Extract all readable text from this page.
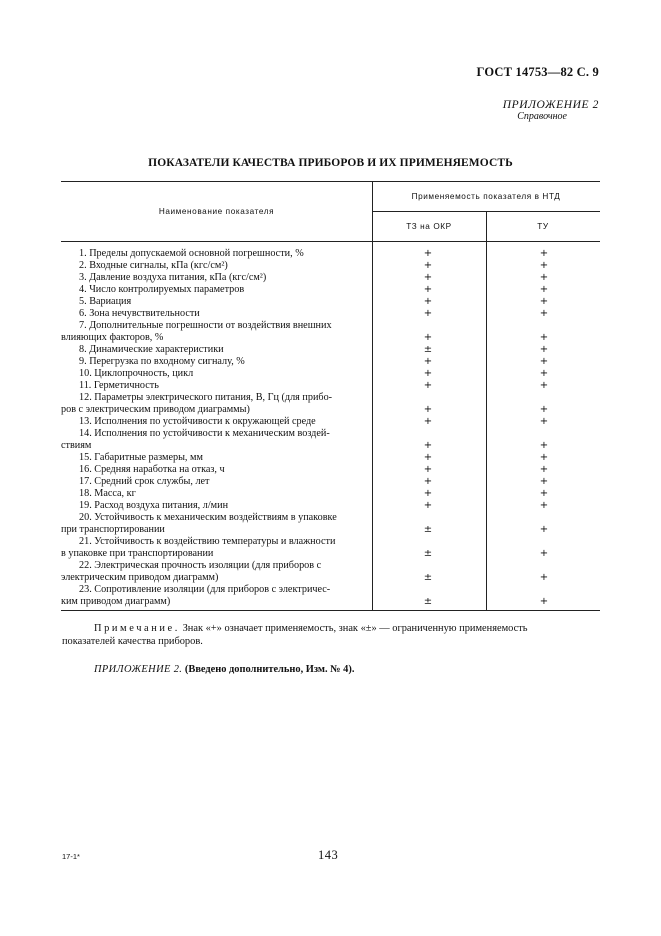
ГОСТ 14753—82 С. 9
ПРИЛОЖЕНИЕ 2
Справочное
ПОКАЗАТЕЛИ КАЧЕСТВА ПРИБОРОВ И ИХ ПРИМЕНЯЕМОСТЬ
Наименование показателя
Применяемость показателя в НТД
ТЗ на ОКР	ТУ
1. Пределы допускаемой основной погрешности, %	+	+
2. Входные сигналы, кПа (кгс/см²)	+	+
3. Давление воздуха питания, кПа (кгс/см²)	+	+
4. Число контролируемых параметров	+	+
5. Вариация	+	+
6. Зона нечувствительности	+	+
7. Дополнительные погрешности от воздействия внешних
влияющих факторов, %	+	+
8. Динамические характеристики	±	+
9. Перегрузка по входному сигналу, %	+	+
10. Циклопрочность, цикл	+	+
11. Герметичность	+	+
12. Параметры электрического питания, В, Гц (для прибо-
ров с электрическим приводом диаграммы)	+	+
13. Исполнения по устойчивости к окружающей среде	+	+
14. Исполнения по устойчивости к механическим воздей-
ствиям	+	+
15. Габаритные размеры, мм	+	+
16. Средняя наработка на отказ, ч	+	+
17. Средний срок службы, лет	+	+
18. Масса, кг	+	+
19. Расход воздуха питания, л/мин	+	+
20. Устойчивость к механическим воздействиям в упаковке
при транспортировании	±	+
21. Устойчивость к воздействию температуры и влажности
в упаковке при транспортировании	±	+
22. Электрическая прочность изоляции (для приборов с
электрическим приводом диаграмм)	±	+
23. Сопротивление изоляции (для приборов с электричес-
ким приводом диаграмм)	±	+
Примечание. Знак «+» означает применяемость, знак «±» — ограниченную применяемость
показателей качества приборов.
ПРИЛОЖЕНИЕ 2. (Введено дополнительно, Изм. № 4).
17-1*	143
